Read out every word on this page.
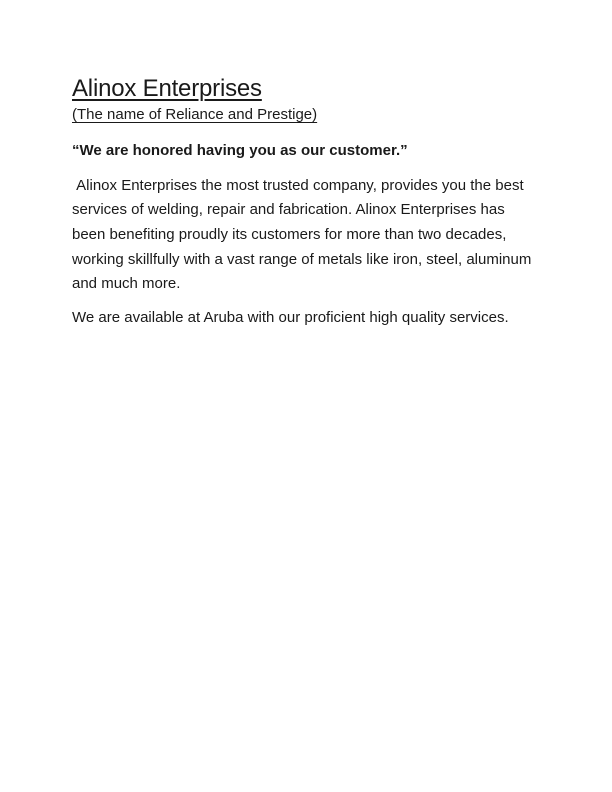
Alinox Enterprises
(The name of Reliance and Prestige)

“We are honored having you as our customer.”

Alinox Enterprises the most trusted company, provides you the best services of welding, repair and fabrication. Alinox Enterprises has been benefiting proudly its customers for more than two decades, working skillfully with a vast range of metals like iron, steel, aluminum and much more.

We are available at Aruba with our proficient high quality services.
